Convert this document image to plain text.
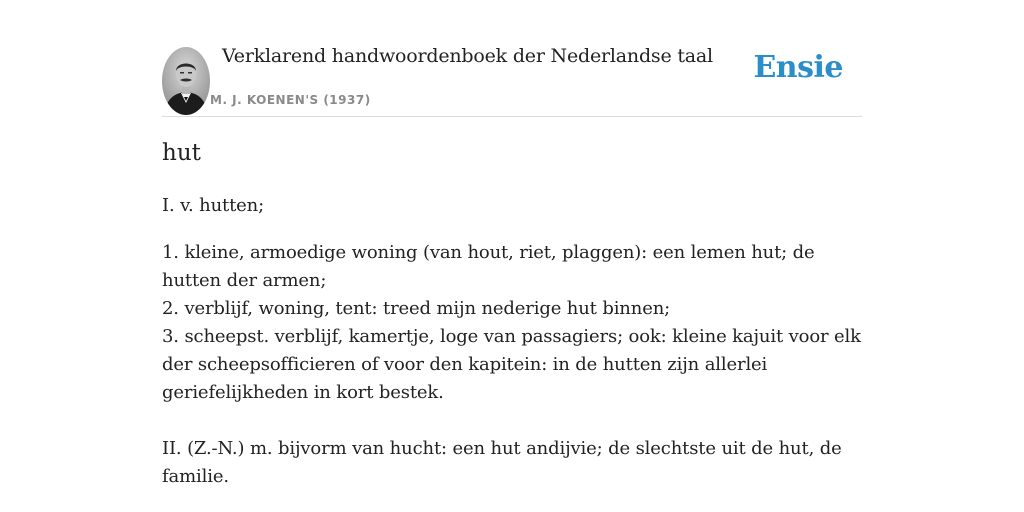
Verklarend handwoordenboek der Nederlandse taal
M. J. KOENEN'S (1937)
Ensie
hut

I. v. hutten;

1. kleine, armoedige woning (van hout, riet, plaggen): een lemen hut; de hutten der armen;

2. verblijf, woning, tent: treed mijn nederige hut binnen;

3. scheepst. verblijf, kamertje, loge van passagiers; ook: kleine kajuit voor elk der scheepsofficieren of voor den kapitein: in de hutten zijn allerlei geriefelijkheden in kort bestek.

II. (Z.-N.) m. bijvorm van hucht: een hut andijvie; de slechtste uit de hut, de familie.
